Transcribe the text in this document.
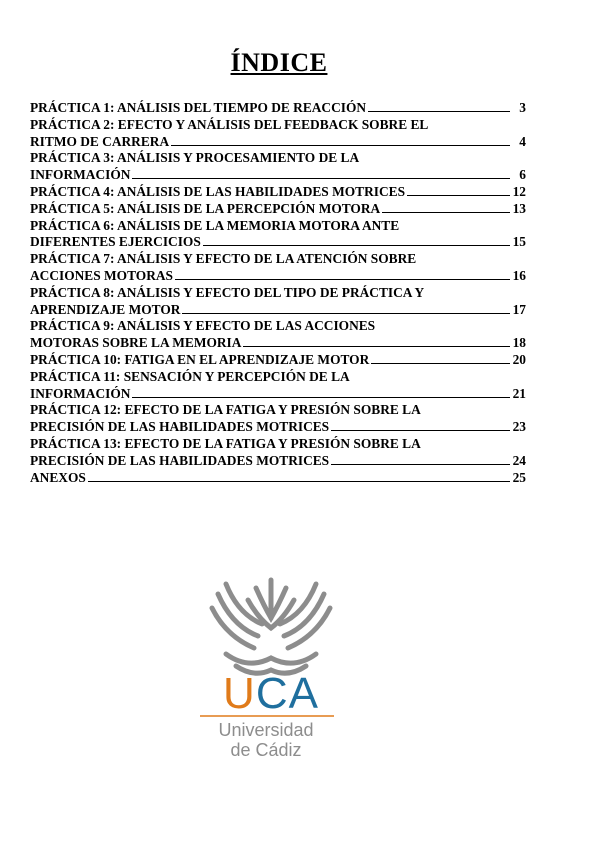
ÍNDICE
PRÁCTICA 1: ANÁLISIS DEL TIEMPO DE REACCIÓN	3
PRÁCTICA 2: EFECTO Y ANÁLISIS DEL FEEDBACK SOBRE EL
RITMO DE CARRERA	4
PRÁCTICA 3: ANÁLISIS Y PROCESAMIENTO DE LA
INFORMACIÓN	6
PRÁCTICA 4: ANÁLISIS DE LAS HABILIDADES MOTRICES	12
PRÁCTICA 5: ANÁLISIS DE LA PERCEPCIÓN MOTORA	13
PRÁCTICA 6: ANÁLISIS DE LA MEMORIA MOTORA ANTE
DIFERENTES EJERCICIOS	15
PRÁCTICA 7: ANÁLISIS Y EFECTO DE LA ATENCIÓN SOBRE
ACCIONES MOTORAS	16
PRÁCTICA 8: ANÁLISIS Y EFECTO DEL TIPO DE PRÁCTICA Y
APRENDIZAJE MOTOR	17
PRÁCTICA 9: ANÁLISIS Y EFECTO DE LAS ACCIONES
MOTORAS SOBRE LA MEMORIA	18
PRÁCTICA 10: FATIGA EN EL APRENDIZAJE MOTOR	20
PRÁCTICA 11: SENSACIÓN Y PERCEPCIÓN DE LA
INFORMACIÓN	21
PRÁCTICA 12: EFECTO DE LA FATIGA Y PRESIÓN SOBRE LA
PRECISIÓN DE LAS HABILIDADES MOTRICES	23
PRÁCTICA 13: EFECTO DE LA FATIGA Y PRESIÓN SOBRE LA
PRECISIÓN DE LAS HABILIDADES MOTRICES	24
ANEXOS	25
UCA
Universidad
de Cádiz
